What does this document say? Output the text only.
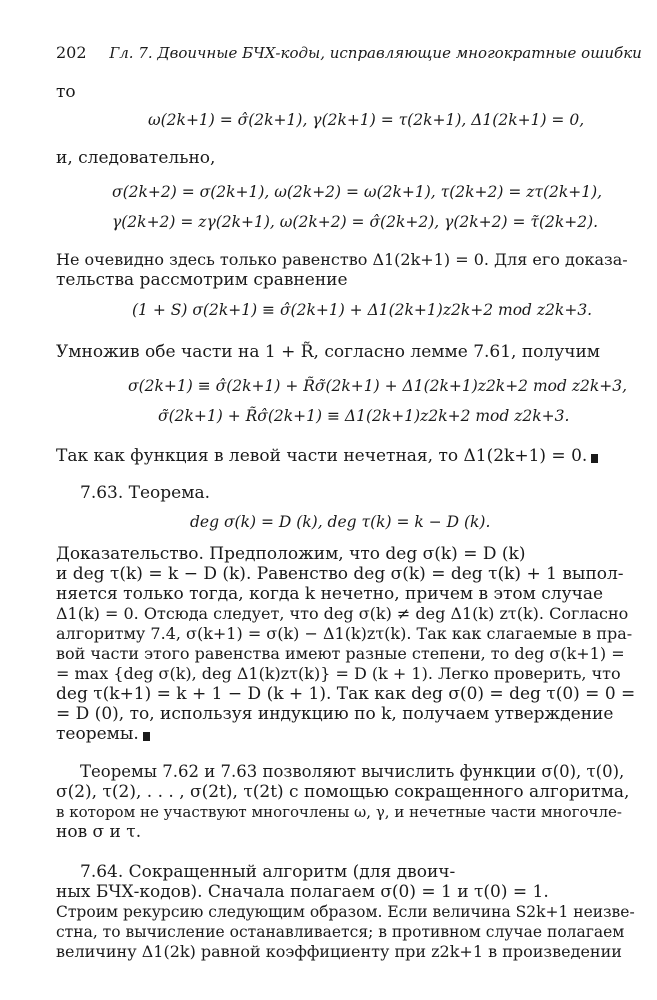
202 Гл. 7. Двоичные БЧХ-коды, исправляющие многократные ошибки
то
ω(2k+1) = σ̂(2k+1), γ(2k+1) = τ(2k+1), Δ1(2k+1) = 0,
и, следовательно,
σ(2k+2) = σ(2k+1), ω(2k+2) = ω(2k+1), τ(2k+2) = zτ(2k+1),
γ(2k+2) = zγ(2k+1), ω(2k+2) = σ̂(2k+2), γ(2k+2) = τ̃(2k+2).
Не очевидно здесь только равенство Δ1(2k+1) = 0. Для его доказа-
тельства рассмотрим сравнение
(1 + S) σ(2k+1) ≡ σ̂(2k+1) + Δ1(2k+1)z2k+2 mod z2k+3.
Умножив обе части на 1 + R̃, согласно лемме 7.61, получим
σ(2k+1) ≡ σ̂(2k+1) + R̃σ̃(2k+1) + Δ1(2k+1)z2k+2 mod z2k+3,
σ̃(2k+1) + R̃σ̂(2k+1) ≡ Δ1(2k+1)z2k+2 mod z2k+3.
Так как функция в левой части нечетная, то Δ1(2k+1) = 0.
7.63. Теорема.
deg σ(k) = D (k), deg τ(k) = k − D (k).
Доказательство. Предположим, что deg σ(k) = D (k)
и deg τ(k) = k − D (k). Равенство deg σ(k) = deg τ(k) + 1 выпол-
няется только тогда, когда k нечетно, причем в этом случае
Δ1(k) = 0. Отсюда следует, что deg σ(k) ≠ deg Δ1(k) zτ(k). Согласно
алгоритму 7.4, σ(k+1) = σ(k) − Δ1(k)zτ(k). Так как слагаемые в пра-
вой части этого равенства имеют разные степени, то deg σ(k+1) =
= max {deg σ(k), deg Δ1(k)zτ(k)} = D (k + 1). Легко проверить, что
deg τ(k+1) = k + 1 − D (k + 1). Так как deg σ(0) = deg τ(0) = 0 =
= D (0), то, используя индукцию по k, получаем утверждение
теоремы.
Теоремы 7.62 и 7.63 позволяют вычислить функции σ(0), τ(0),
σ(2), τ(2), . . . , σ(2t), τ(2t) с помощью сокращенного алгоритма,
в котором не участвуют многочлены ω, γ, и нечетные части многочле-
нов σ и τ.
7.64. Сокращенный алгоритм (для двоич-
ных БЧХ-кодов). Сначала полагаем σ(0) = 1 и τ(0) = 1.
Строим рекурсию следующим образом. Если величина S2k+1 неизве-
стна, то вычисление останавливается; в противном случае полагаем
величину Δ1(2k) равной коэффициенту при z2k+1 в произведении
